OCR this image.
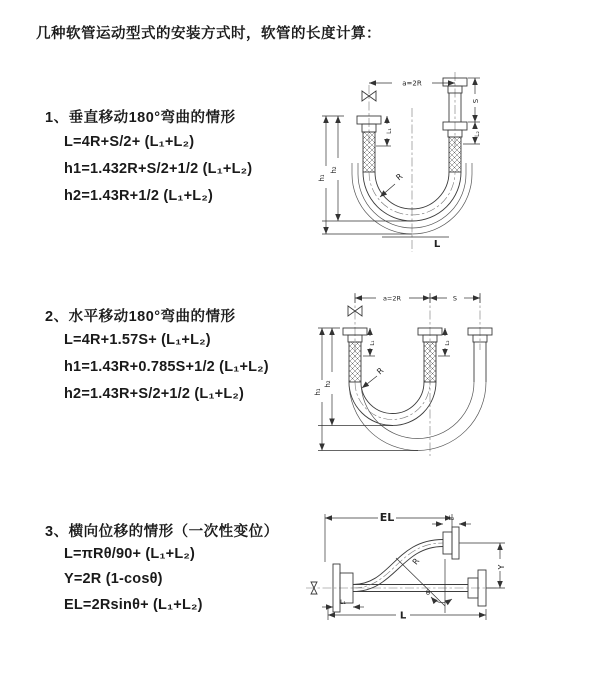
几种软管运动型式的安装方式时，软管的长度计算：
1、垂直移动180°弯曲的情形
L=4R+S/2+ (L₁+L₂)
h1=1.432R+S/2+1/2 (L₁+L₂)
h2=1.43R+1/2 (L₁+L₂)
2、水平移动180°弯曲的情形
L=4R+1.57S+ (L₁+L₂)
h1=1.43R+0.785S+1/2 (L₁+L₂)
h2=1.43R+S/2+1/2 (L₁+L₂)
3、横向位移的情形（一次性变位）
L=πRθ/90+ (L₁+L₂)
Y=2R (1-cosθ)
EL=2Rsinθ+ (L₁+L₂)
a=2R
S
L₂
h₁
h₂
L₁
R
L
a=2R	S
h₁
h₂
L₁	L₂
R
EL	L₂
Y
R
θ
L
L₁
